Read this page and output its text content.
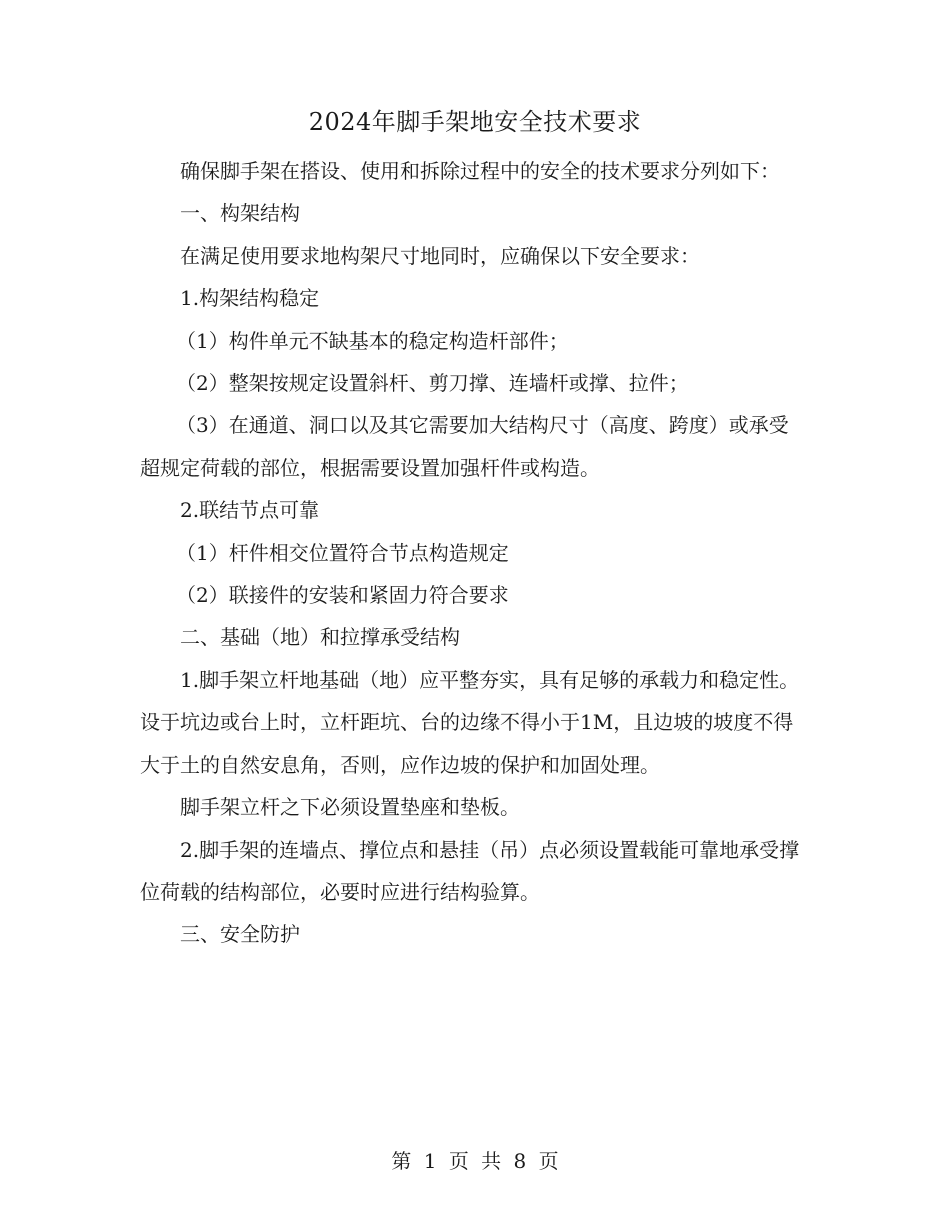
2024年脚手架地安全技术要求

确保脚手架在搭设、使用和拆除过程中的安全的技术要求分列如下：

一、构架结构

在满足使用要求地构架尺寸地同时，应确保以下安全要求：

1.构架结构稳定

（1）构件单元不缺基本的稳定构造杆部件；

（2）整架按规定设置斜杆、剪刀撑、连墙杆或撑、拉件；

（3）在通道、洞口以及其它需要加大结构尺寸（高度、跨度）或承受超规定荷载的部位，根据需要设置加强杆件或构造。

2.联结节点可靠

（1）杆件相交位置符合节点构造规定

（2）联接件的安装和紧固力符合要求

二、基础（地）和拉撑承受结构

1.脚手架立杆地基础（地）应平整夯实，具有足够的承载力和稳定性。设于坑边或台上时，立杆距坑、台的边缘不得小于1M，且边坡的坡度不得大于土的自然安息角，否则，应作边坡的保护和加固处理。

脚手架立杆之下必须设置垫座和垫板。

2.脚手架的连墙点、撑位点和悬挂（吊）点必须设置载能可靠地承受撑位荷载的结构部位，必要时应进行结构验算。

三、安全防护

第 1 页 共 8 页
